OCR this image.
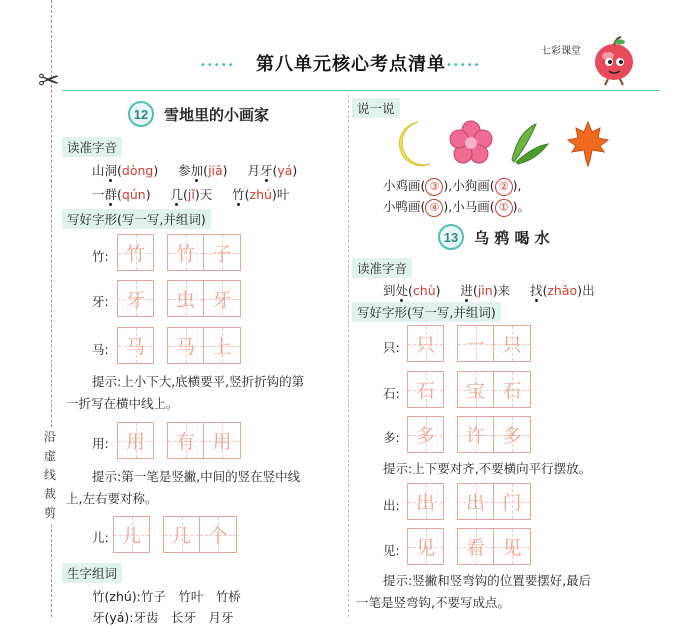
✂
沿虚线裁剪
••••• 第八单元核心考点清单 •••••
七彩课堂
12	雪地里的小画家
读准字音
山洞(dòng) 参加(jiā) 月牙(yá)
一群(qún) 几(jǐ)天 竹(zhú)叶
写好字形(写一写,并组词)
竹: 竹	竹 子
牙: 牙	虫 牙
马: 马	马 上
提示:上小下大,底横要平,竖折折钩的第
一折写在横中线上。
用: 用	有 用
提示:第一笔是竖撇,中间的竖在竖中线
上,左右要对称。
儿: 儿	几 个
生字组词
竹(zhú):竹子　竹叶　竹桥
牙(yá):牙齿　长牙　月牙
说一说
小鸡画( ③ ),小狗画( ② ),
小鸭画( ④ ),小马画( ① )。
13	乌 鸦 喝 水
读准字音
到处(chù) 进(jìn)来 找(zhǎo)出
写好字形(写一写,并组词)
只: 只	一 只
石: 石	宝 石
多: 多	许 多
提示:上下要对齐,不要横向平行摆放。
出: 出	出 门
见: 见	看 见
提示:竖撇和竖弯钩的位置要摆好,最后
一笔是竖弯钩,不要写成点。
